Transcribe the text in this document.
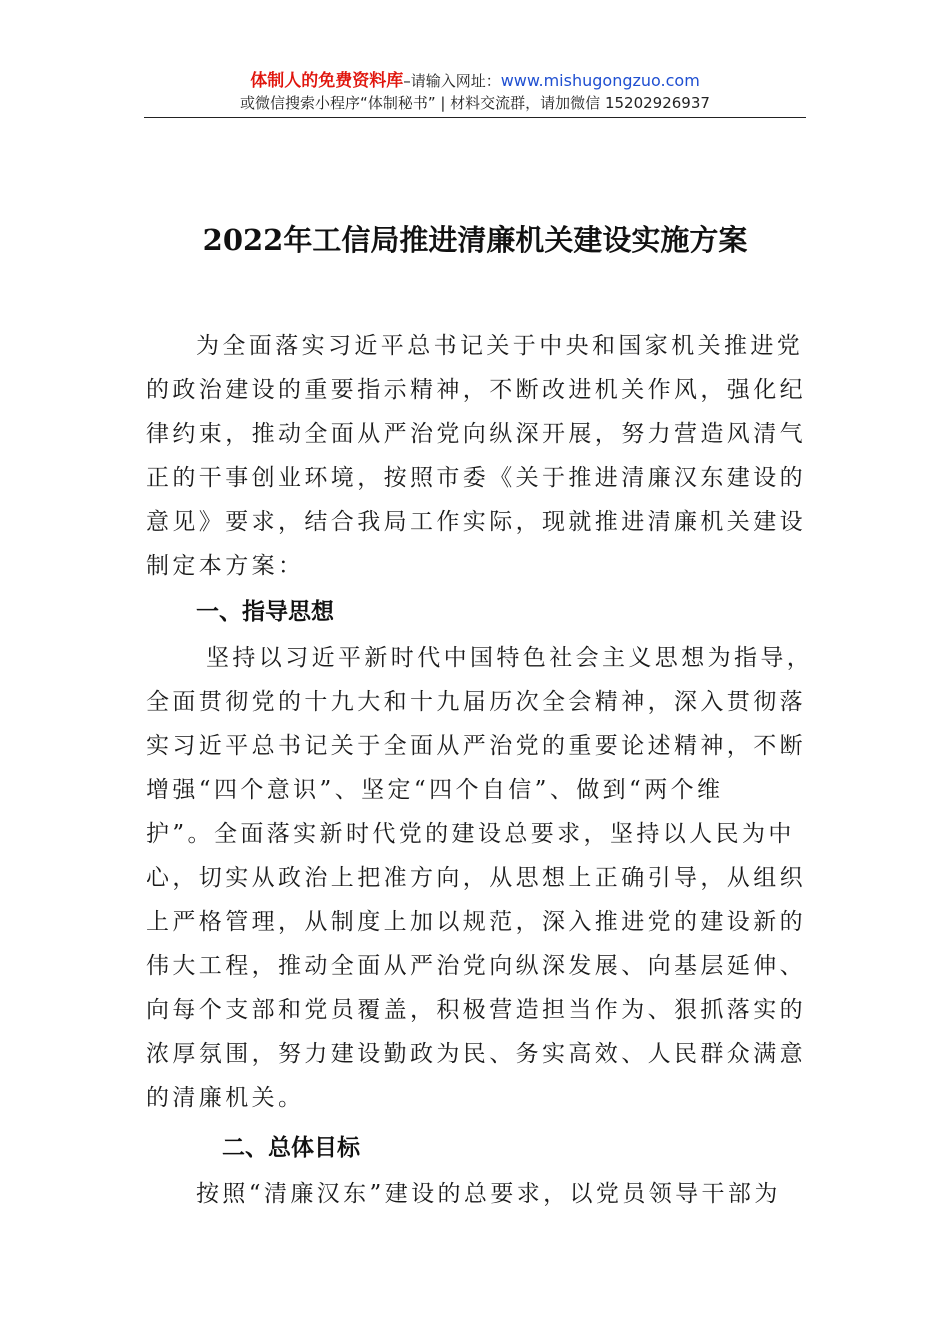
体制人的免费资料库–请输入网址：www.mishugongzuo.com
或微信搜索小程序“体制秘书” | 材料交流群，请加微信 15202926937
2022年工信局推进清廉机关建设实施方案
为全面落实习近平总书记关于中央和国家机关推进党
的政治建设的重要指示精神，不断改进机关作风，强化纪
律约束，推动全面从严治党向纵深开展，努力营造风清气
正的干事创业环境，按照市委《关于推进清廉汉东建设的
意见》要求，结合我局工作实际，现就推进清廉机关建设
制定本方案：
一、指导思想
坚持以习近平新时代中国特色社会主义思想为指导，
全面贯彻党的十九大和十九届历次全会精神，深入贯彻落
实习近平总书记关于全面从严治党的重要论述精神，不断
增强“四个意识”、坚定“四个自信”、做到“两个维
护”。全面落实新时代党的建设总要求，坚持以人民为中
心，切实从政治上把准方向，从思想上正确引导，从组织
上严格管理，从制度上加以规范，深入推进党的建设新的
伟大工程，推动全面从严治党向纵深发展、向基层延伸、
向每个支部和党员覆盖，积极营造担当作为、狠抓落实的
浓厚氛围，努力建设勤政为民、务实高效、人民群众满意
的清廉机关。
二、总体目标
按照“清廉汉东”建设的总要求，以党员领导干部为
